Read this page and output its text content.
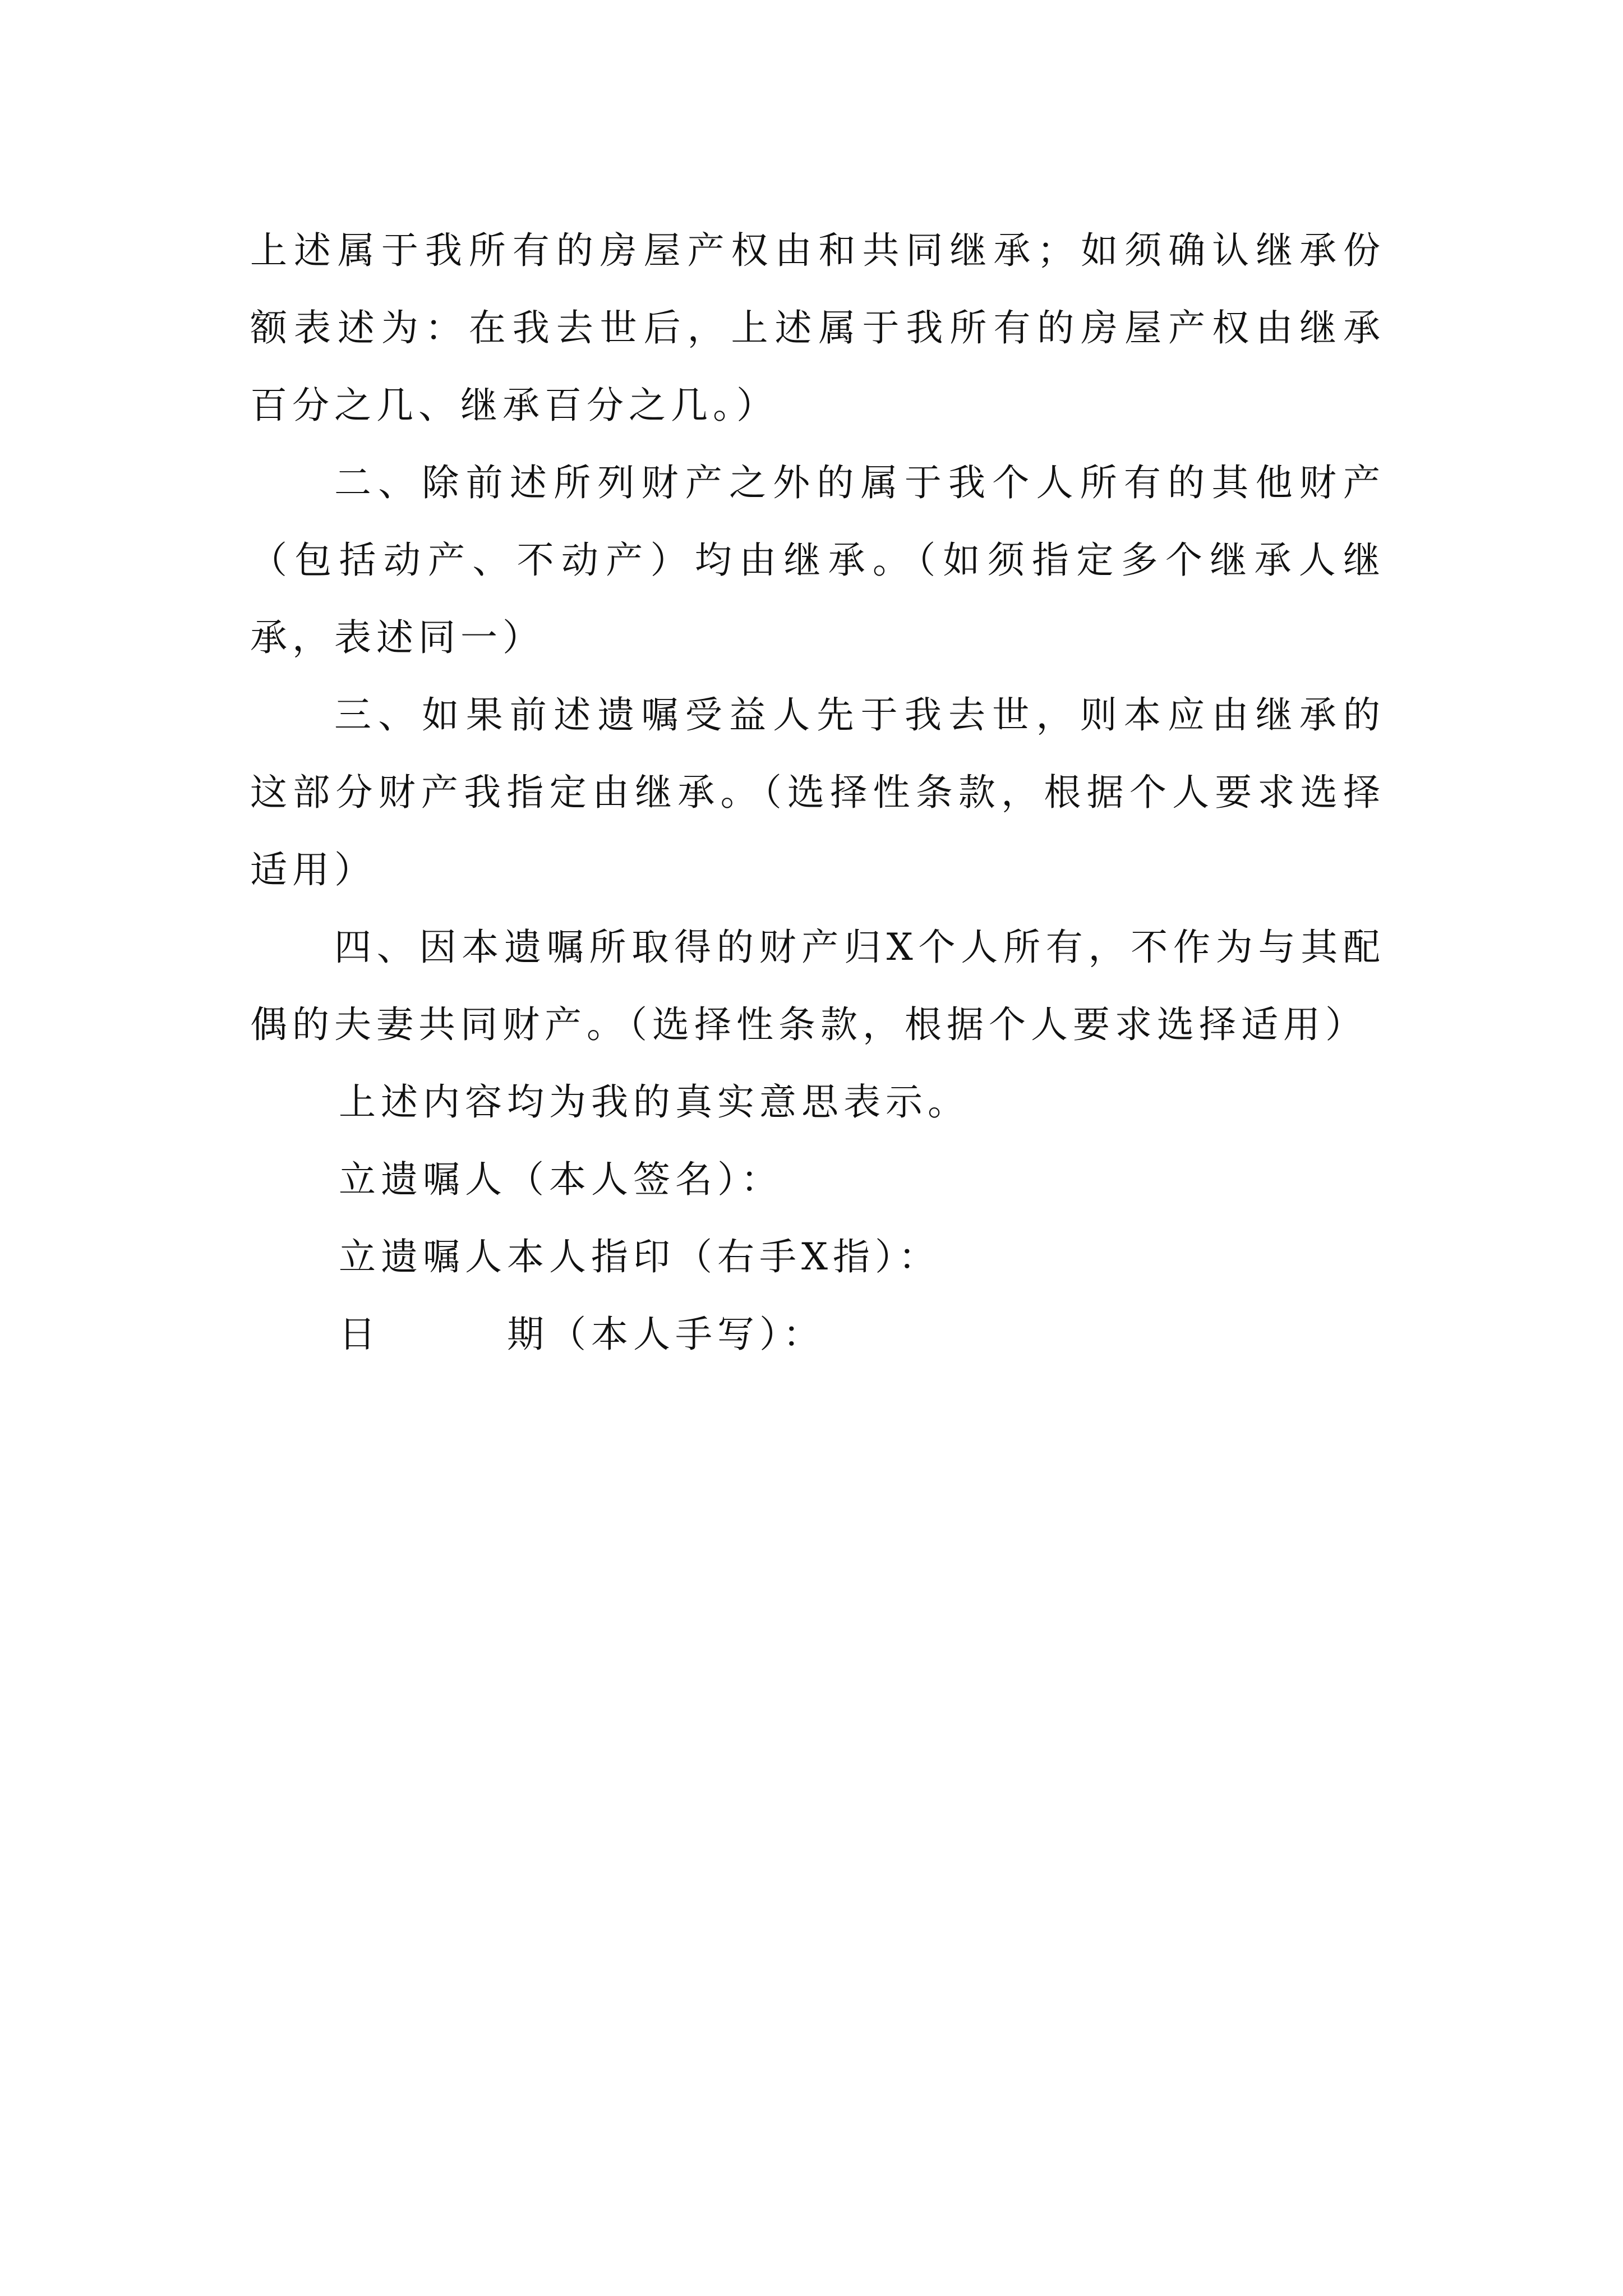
上述属于我所有的房屋产权由和共同继承；如须确认继承份额表述为：在我去世后，上述属于我所有的房屋产权由继承百分之几、继承百分之几。）

二、除前述所列财产之外的属于我个人所有的其他财产（包括动产、不动产）均由继承。（如须指定多个继承人继承，表述同一）

三、如果前述遗嘱受益人先于我去世，则本应由继承的这部分财产我指定由继承。（选择性条款，根据个人要求选择适用）

四、因本遗嘱所取得的财产归X个人所有，不作为与其配偶的夫妻共同财产。（选择性条款，根据个人要求选择适用）

上述内容均为我的真实意思表示。

立遗嘱人（本人签名）：

立遗嘱人本人指印（右手X指）：

日	期（本人手写）：
